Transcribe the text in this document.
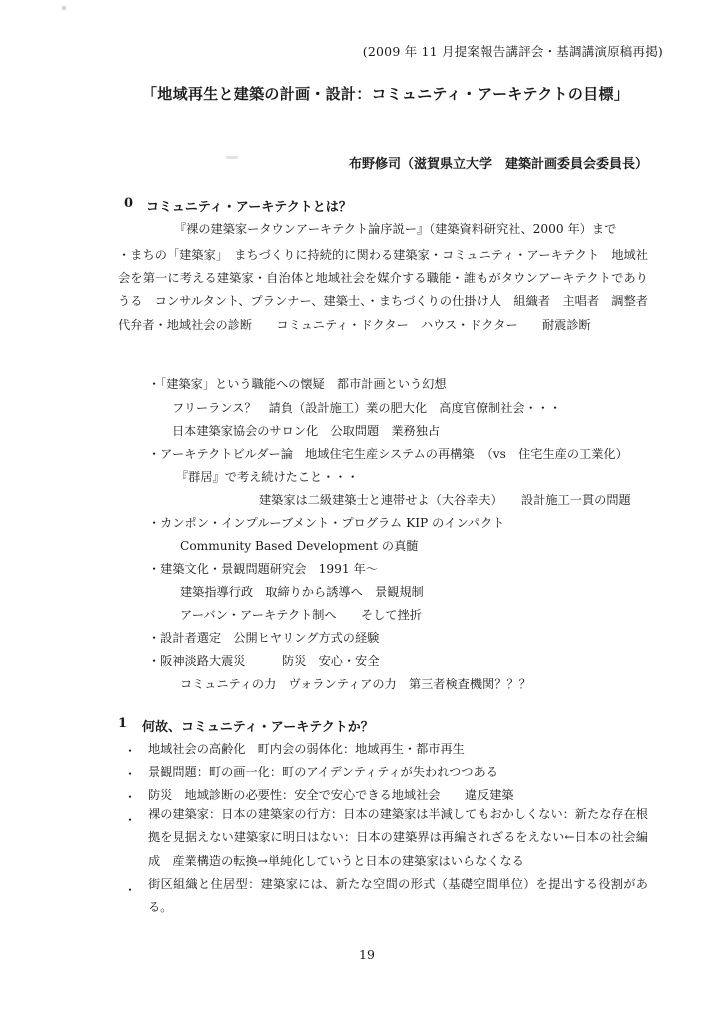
(2009 年 11 月提案報告講評会・基調講演原稿再掲)
「地域再生と建築の計画・設計：コミュニティ・アーキテクトの目標」
布野修司（滋賀県立大学　建築計画委員会委員長）
0 コミュニティ・アーキテクトとは？
『裸の建築家ータウンアーキテクト論序説ー』（建築資料研究社、2000 年）まで
・まちの「建築家」　まちづくりに持続的に関わる建築家・コミュニティ・アーキテクト　地域社会を第一に考える建築家・自治体と地域社会を媒介する職能・誰もがタウンアーキテクトでありうる　コンサルタント、プランナー、建築士、・まちづくりの仕掛け人　組織者　主唱者　調整者　代弁者・地域社会の診断　　コミュニティ・ドクター　ハウス・ドクター　　耐震診断
・「建築家」という職能への懐疑　都市計画という幻想
フリーランス？　請負（設計施工）業の肥大化　高度官僚制社会・・・
日本建築家協会のサロン化　公取問題　業務独占
・アーキテクトビルダー論　地域住宅生産システムの再構築　（vs　住宅生産の工業化）
『群居』で考え続けたこと・・・
建築家は二級建築士と連帯せよ（大谷幸夫）　　設計施工一貫の問題
・カンポン・インプルーブメント・プログラム KIP のインパクト
Community Based Development の真髄
・建築文化・景観問題研究会　1991 年～
建築指導行政　取締りから誘導へ　景観規制
アーバン・アーキテクト制へ　　そして挫折
・設計者選定　公開ヒヤリング方式の経験
・阪神淡路大震災　　　防災　安心・安全
コミュニティの力　ヴォランティアの力　第三者検査機関？？？
1 何故、コミュニティ・アーキテクトか？
・ 地域社会の高齢化　町内会の弱体化：地域再生・都市再生
・ 景観問題：町の画一化：町のアイデンティティが失われつつある
・ 防災　地域診断の必要性：安全で安心できる地域社会　　違反建築
・ 裸の建築家：日本の建築家の行方：日本の建築家は半減してもおかしくない：新たな存在根拠を見据えない建築家に明日はない：日本の建築界は再編されざるをえない←日本の社会編成　産業構造の転換→単純化していうと日本の建築家はいらなくなる
・ 街区組織と住居型：建築家には、新たな空間の形式（基礎空間単位）を提出する役割がある。
19
